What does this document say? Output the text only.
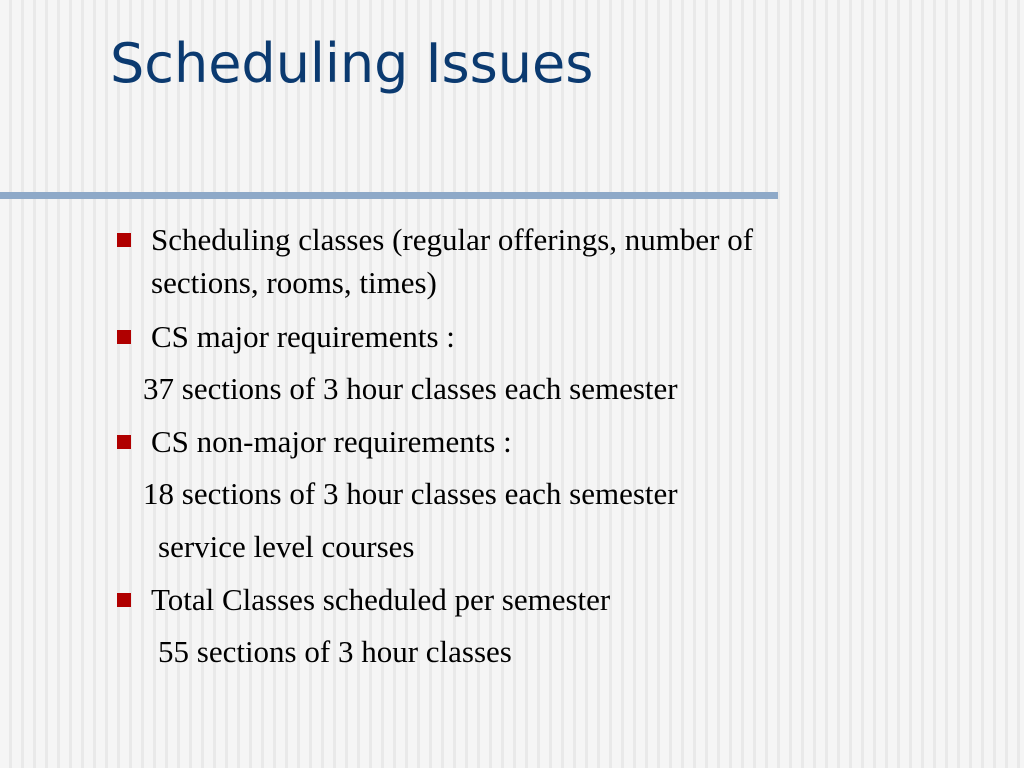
Scheduling Issues

Scheduling classes (regular offerings, number of

sections, rooms, times)

CS major requirements :

37 sections of 3 hour classes each semester

CS non-major requirements :

18 sections of 3 hour classes each semester

service level courses

Total Classes scheduled per semester

55 sections of 3 hour classes
